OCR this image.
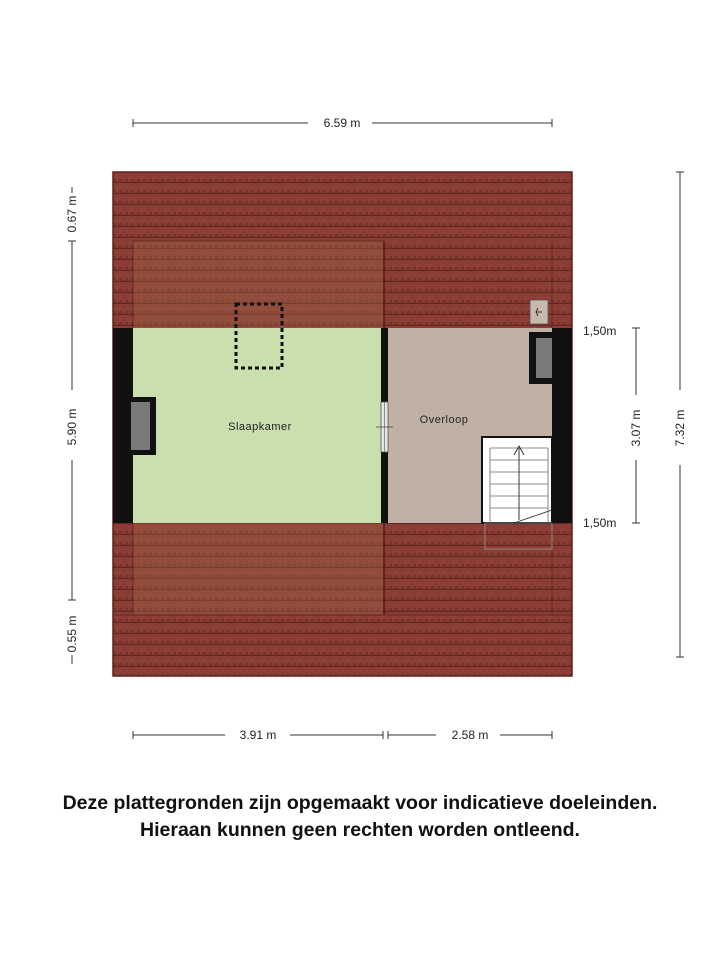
6.59 m
Slaapkamer
Overloop
0.67 m
5.90 m
0.55 m
7.32 m
3.07 m
1,50m
1,50m
3.91 m	2.58 m
Deze plattegronden zijn opgemaakt voor indicatieve doeleinden.
Hieraan kunnen geen rechten worden ontleend.
